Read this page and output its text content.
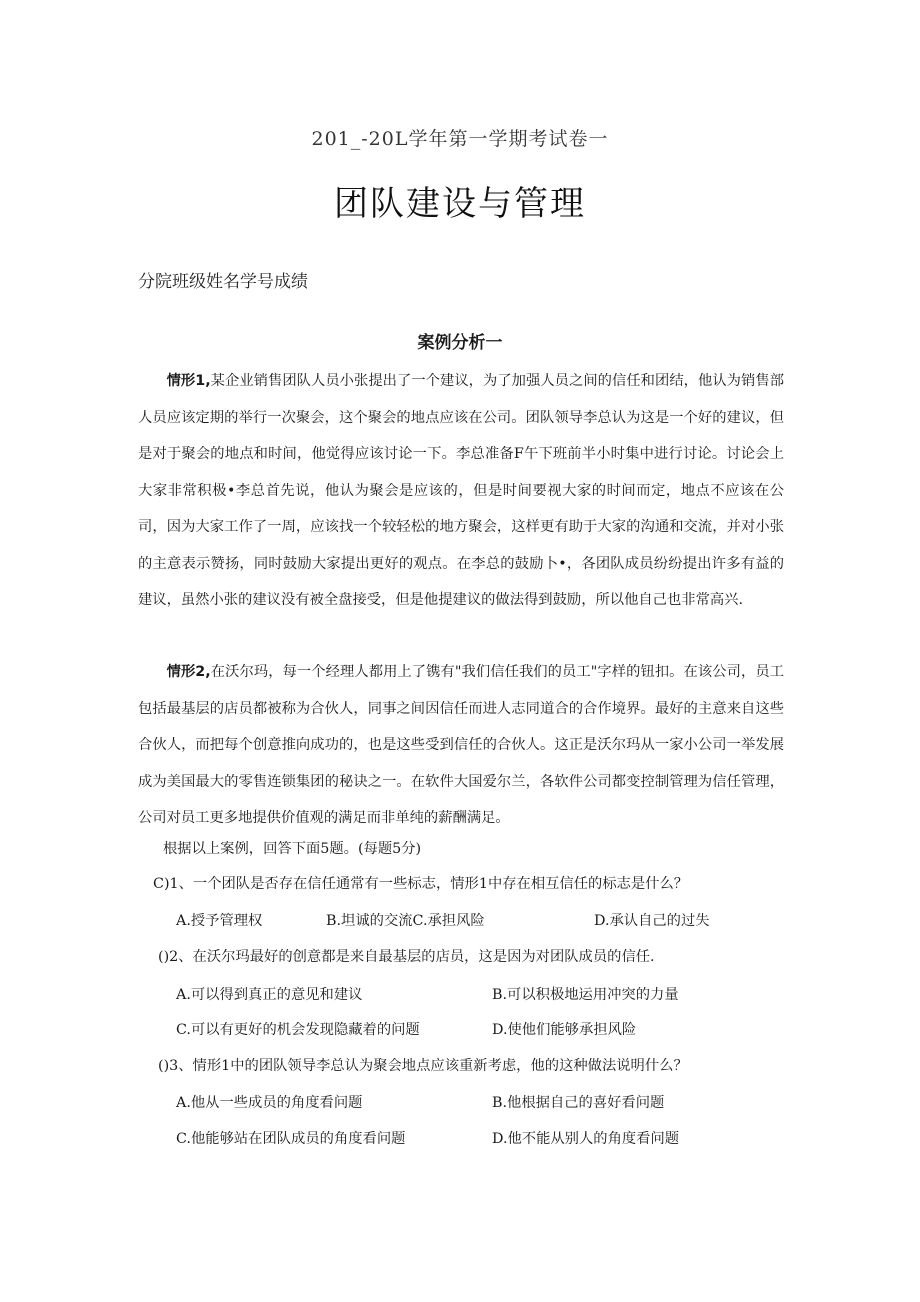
201_-20L学年第一学期考试卷一
团队建设与管理
分院班级姓名学号成绩
案例分析一
情形1,某企业销售团队人员小张提出了一个建议，为了加强人员之间的信任和团结，他认为销售部人员应该定期的举行一次聚会，这个聚会的地点应该在公司。团队领导李总认为这是一个好的建议，但是对于聚会的地点和时间，他觉得应该讨论一下。李总准备F午下班前半小时集中进行讨论。讨论会上大家非常积极•李总首先说，他认为聚会是应该的，但是时间要视大家的时间而定，地点不应该在公司，因为大家工作了一周，应该找一个较轻松的地方聚会，这样更有助于大家的沟通和交流，并对小张的主意表示赞扬，同时鼓励大家提出更好的观点。在李总的鼓励卜•，各团队成员纷纷提出许多有益的建议，虽然小张的建议没有被全盘接受，但是他提建议的做法得到鼓励，所以他自己也非常高兴.
情形2,在沃尔玛，每一个经理人都用上了镌有"我们信任我们的员工"字样的钮扣。在该公司，员工包括最基层的店员都被称为合伙人，同事之间因信任而进人志同道合的合作境界。最好的主意来自这些合伙人，而把每个创意推向成功的，也是这些受到信任的合伙人。这正是沃尔玛从一家小公司一举发展成为美国最大的零售连锁集团的秘诀之一。在软件大国爱尔兰，各软件公司都变控制管理为信任管理，公司对员工更多地提供价值观的满足而非单纯的薪酬满足。
根据以上案例，回答下面5题。(每题5分)
C)1、一个团队是否存在信任通常有一些标志，情形1中存在相互信任的标志是什么？
A.授予管理权	B.坦诚的交流C.承担风险	D.承认自己的过失
()2、在沃尔玛最好的创意都是来自最基层的店员，这是因为对团队成员的信任.
A.可以得到真正的意见和建议	B.可以积极地运用冲突的力量
C.可以有更好的机会发现隐藏着的问题	D.使他们能够承担风险
()3、情形1中的团队领导李总认为聚会地点应该重新考虑，他的这种做法说明什么？
A.他从一些成员的角度看问题	B.他根据自己的喜好看问题
C.他能够站在团队成员的角度看问题	D.他不能从别人的角度看问题
